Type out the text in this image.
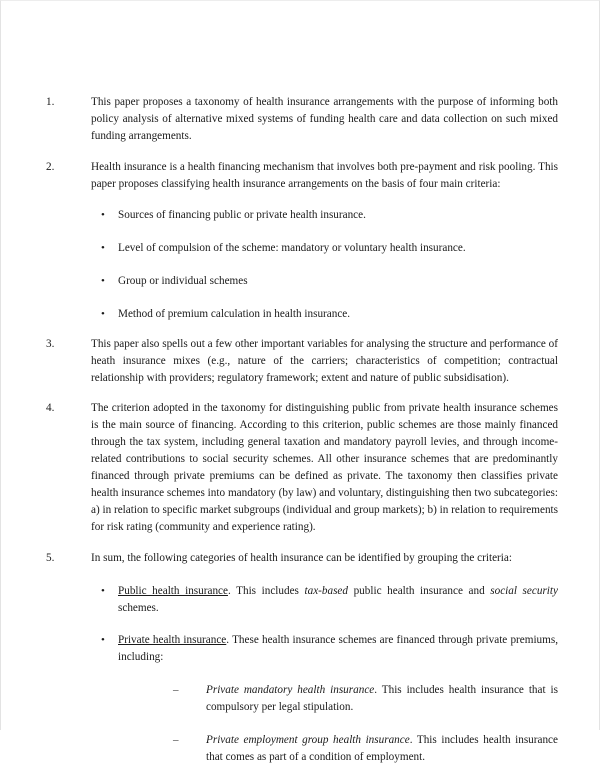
1.	This paper proposes a taxonomy of health insurance arrangements with the purpose of informing both policy analysis of alternative mixed systems of funding health care and data collection on such mixed funding arrangements.

2.	Health insurance is a health financing mechanism that involves both pre-payment and risk pooling. This paper proposes classifying health insurance arrangements on the basis of four main criteria:

• Sources of financing public or private health insurance.
• Level of compulsion of the scheme: mandatory or voluntary health insurance.
• Group or individual schemes
• Method of premium calculation in health insurance.

3.	This paper also spells out a few other important variables for analysing the structure and performance of heath insurance mixes (e.g., nature of the carriers; characteristics of competition; contractual relationship with providers; regulatory framework; extent and nature of public subsidisation).

4.	The criterion adopted in the taxonomy for distinguishing public from private health insurance schemes is the main source of financing. According to this criterion, public schemes are those mainly financed through the tax system, including general taxation and mandatory payroll levies, and through income-related contributions to social security schemes. All other insurance schemes that are predominantly financed through private premiums can be defined as private. The taxonomy then classifies private health insurance schemes into mandatory (by law) and voluntary, distinguishing then two subcategories: a) in relation to specific market subgroups (individual and group markets); b) in relation to requirements for risk rating (community and experience rating).

5.	In sum, the following categories of health insurance can be identified by grouping the criteria:

• Public health insurance. This includes tax-based public health insurance and social security schemes.
• Private health insurance. These health insurance schemes are financed through private premiums, including:
– Private mandatory health insurance. This includes health insurance that is compulsory per legal stipulation.
– Private employment group health insurance. This includes health insurance that comes as part of a condition of employment.
